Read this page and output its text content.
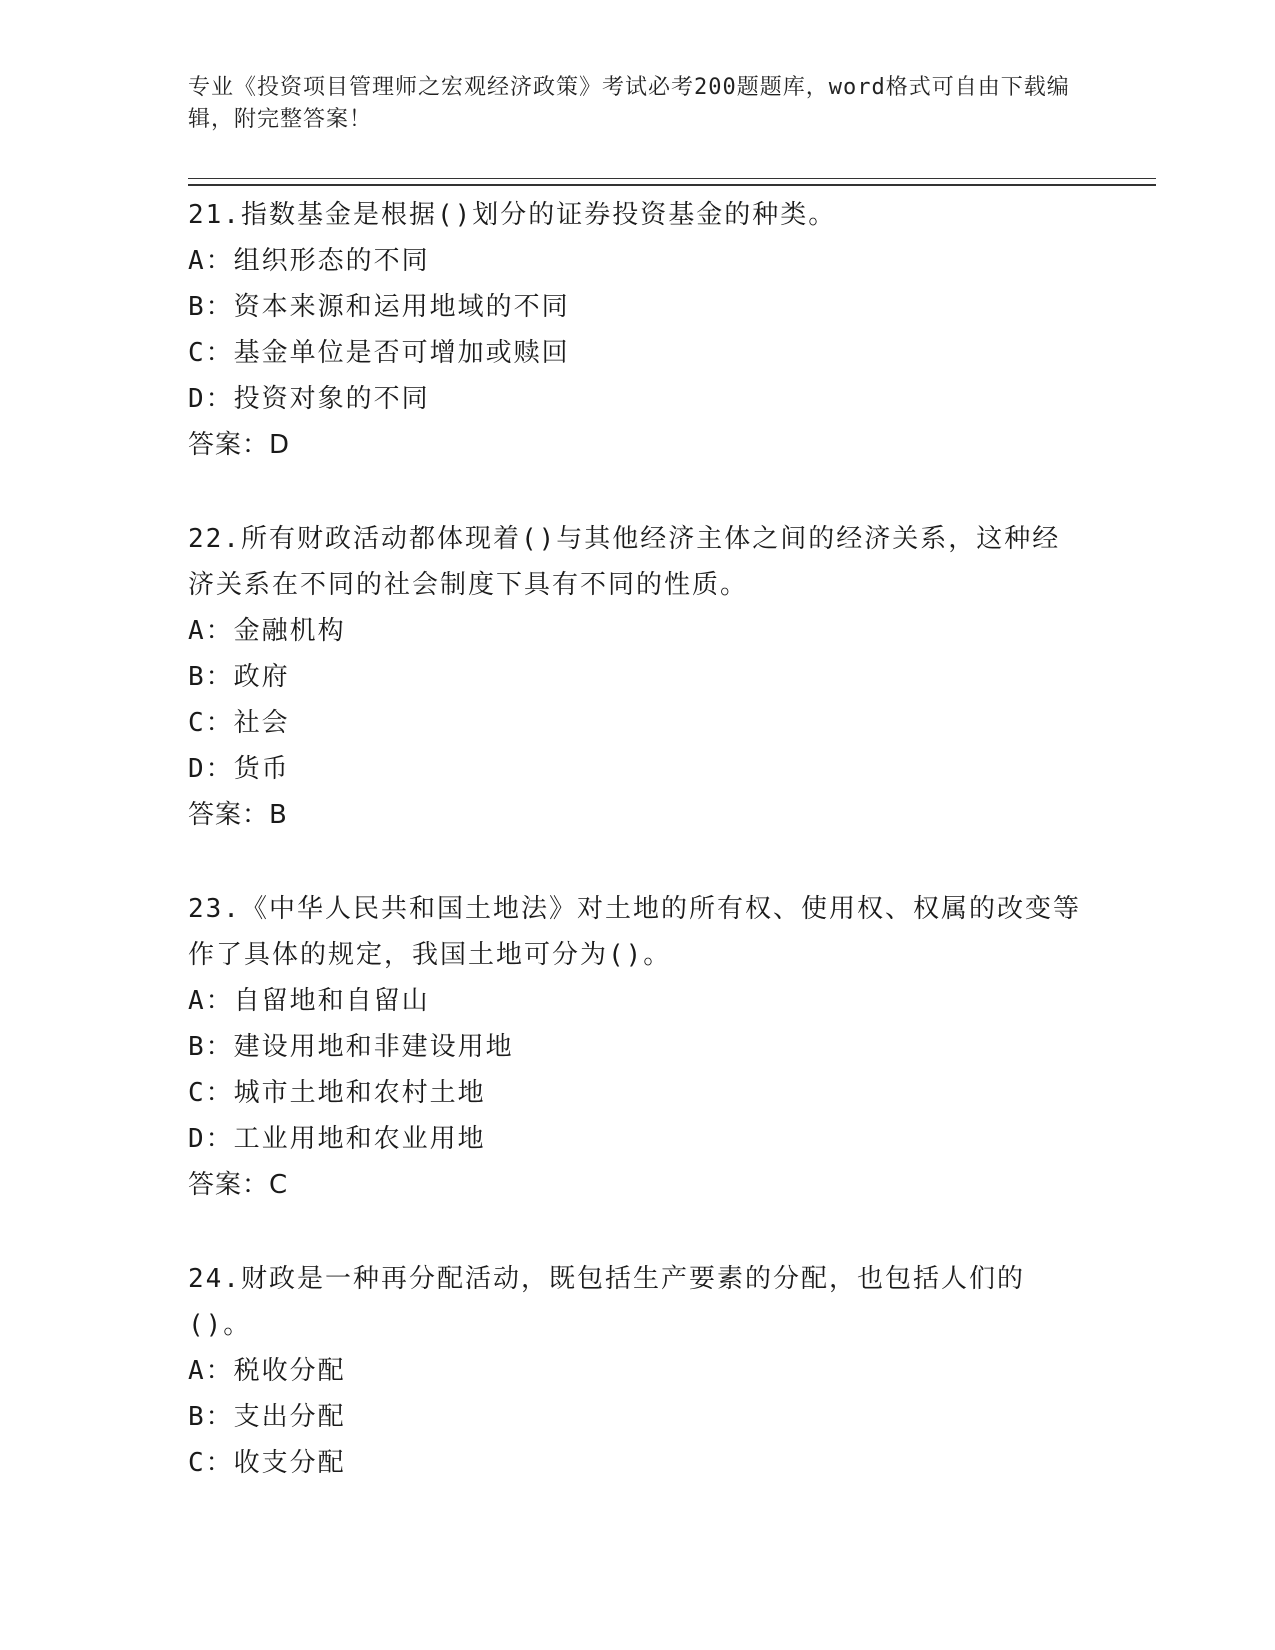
专业《投资项目管理师之宏观经济政策》考试必考200题题库，word格式可自由下载编辑，附完整答案！

21.指数基金是根据()划分的证券投资基金的种类。

A：组织形态的不同

B：资本来源和运用地域的不同

C：基金单位是否可增加或赎回

D：投资对象的不同

答案：D

22.所有财政活动都体现着()与其他经济主体之间的经济关系，这种经济关系在不同的社会制度下具有不同的性质。

A：金融机构

B：政府

C：社会

D：货币

答案：B

23.《中华人民共和国土地法》对土地的所有权、使用权、权属的改变等作了具体的规定，我国土地可分为()。

A：自留地和自留山

B：建设用地和非建设用地

C：城市土地和农村土地

D：工业用地和农业用地

答案：C

24.财政是一种再分配活动，既包括生产要素的分配，也包括人们的()。

A：税收分配

B：支出分配

C：收支分配
